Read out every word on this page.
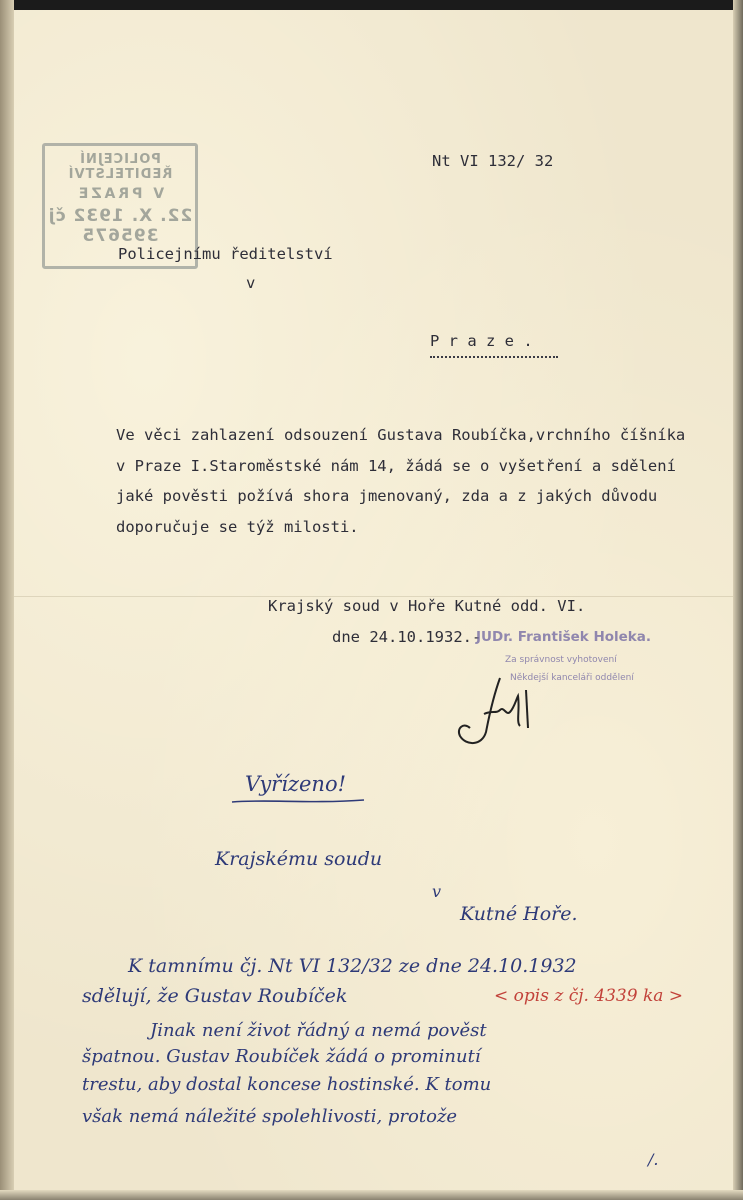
POLICEJNÍ ŘEDITELSTVÍ
V PRAZE
22. X. 1932 čj 395675
Nt VI 132/ 32
Policejnímu ředitelství
v
P r a z e .
Ve věci zahlazení odsouzení Gustava Roubíčka,vrchního číšníka
v Praze I.Staroměstské nám 14, žádá se o vyšetření a sdělení
jaké pověsti požívá shora jmenovaný, zda a z jakých důvodu
doporučuje se týž milosti.
Krajský soud v Hoře Kutné odd. VI.
dne 24.10.1932.-
JUDr. František Holeka.
Za správnost vyhotovení
Někdejší kanceláři oddělení
Vyřízeno!
Krajskému soudu
v
Kutné Hoře.
K tamnímu čj. Nt VI 132/32 ze dne 24.10.1932
sdělují, že Gustav Roubíček	< opis z čj. 4339 ka >
Jinak není život řádný a nemá pověst
špatnou. Gustav Roubíček žádá o prominutí
trestu, aby dostal koncese hostinské. K tomu
však nemá náležité spolehlivosti, protože
/.
